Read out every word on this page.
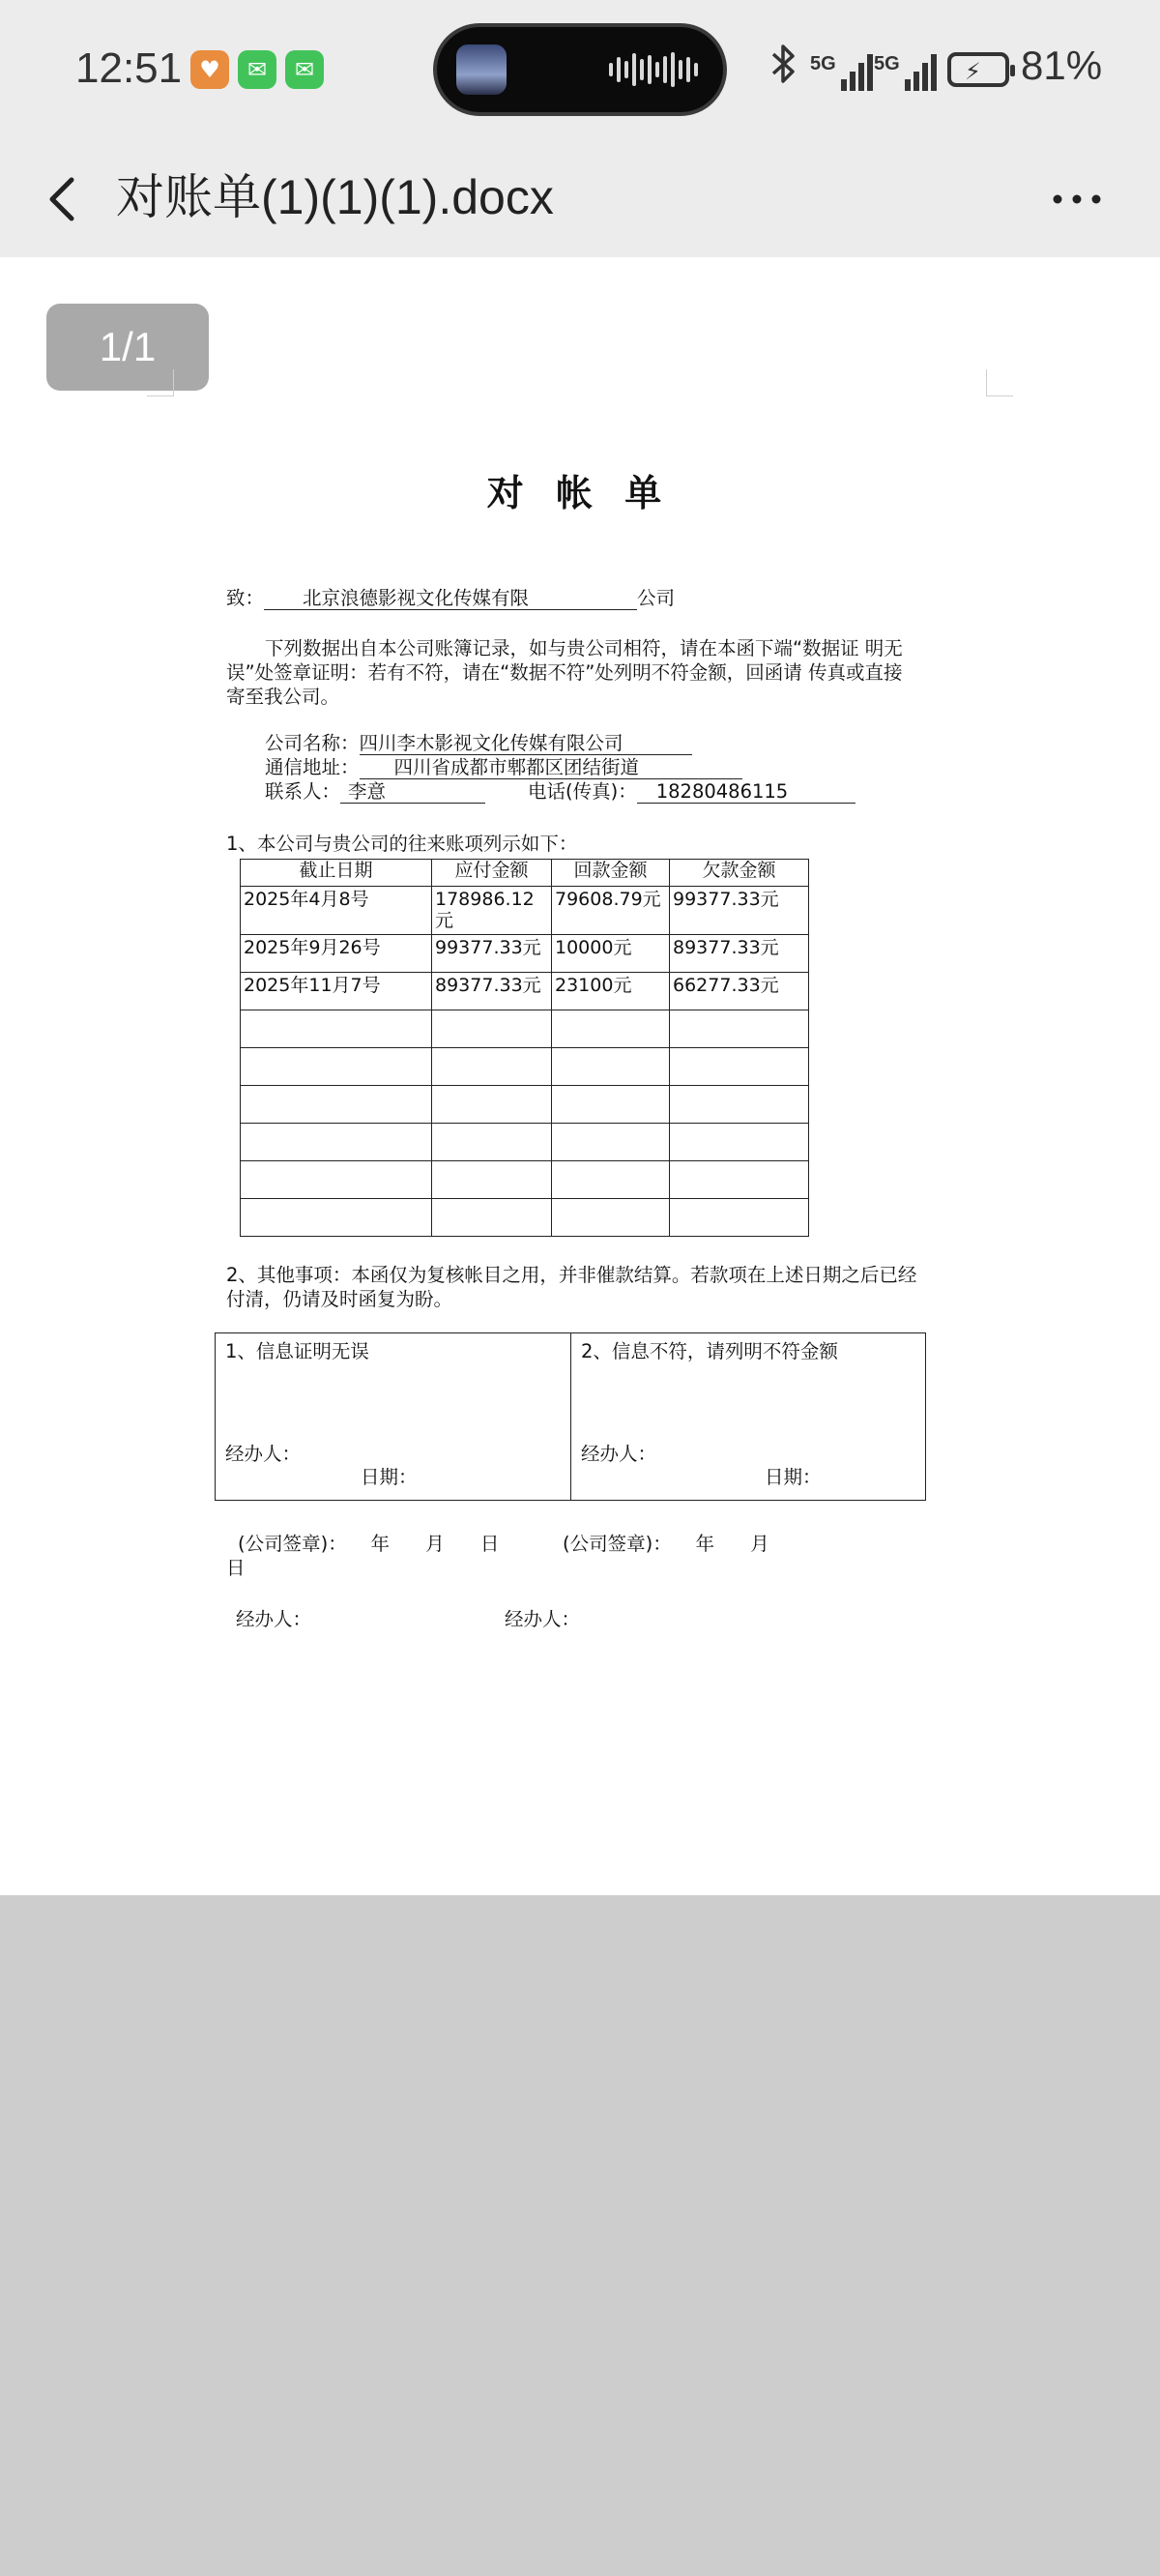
12:51 ♥	✉	✉	5G 5G	⚡ 81%
对账单(1)(1)(1).docx
1/1
对 帐 单
致： 北京浪德影视文化传媒有限	公司
下列数据出自本公司账簿记录，如与贵公司相符，请在本函下端“数据证 明无误”处签章证明：若有不符，请在“数据不符”处列明不符金额，回函请 传真或直接寄至我公司。
公司名称：四川李木影视文化传媒有限公司
通信地址： 四川省成都市郫都区团结街道
联系人： 李意	电话(传真)： 18280486115
1、本公司与贵公司的往来账项列示如下：
截止日期	应付金额	回款金额	欠款金额
2025年4月8号	178986.12元	79608.79元	99377.33元
2025年9月26号	99377.33元	10000元	89377.33元
2025年11月7号	89377.33元	23100元	66277.33元

2、其他事项：本函仅为复核帐目之用，并非催款结算。若款项在上述日期之后已经付清，仍请及时函复为盼。
1、信息证明无误
经办人：
日期：
2、信息不符，请列明不符金额
经办人：
日期：
(公司签章)：    年      月      日	(公司签章)：    年      月
日
经办人：	经办人：
